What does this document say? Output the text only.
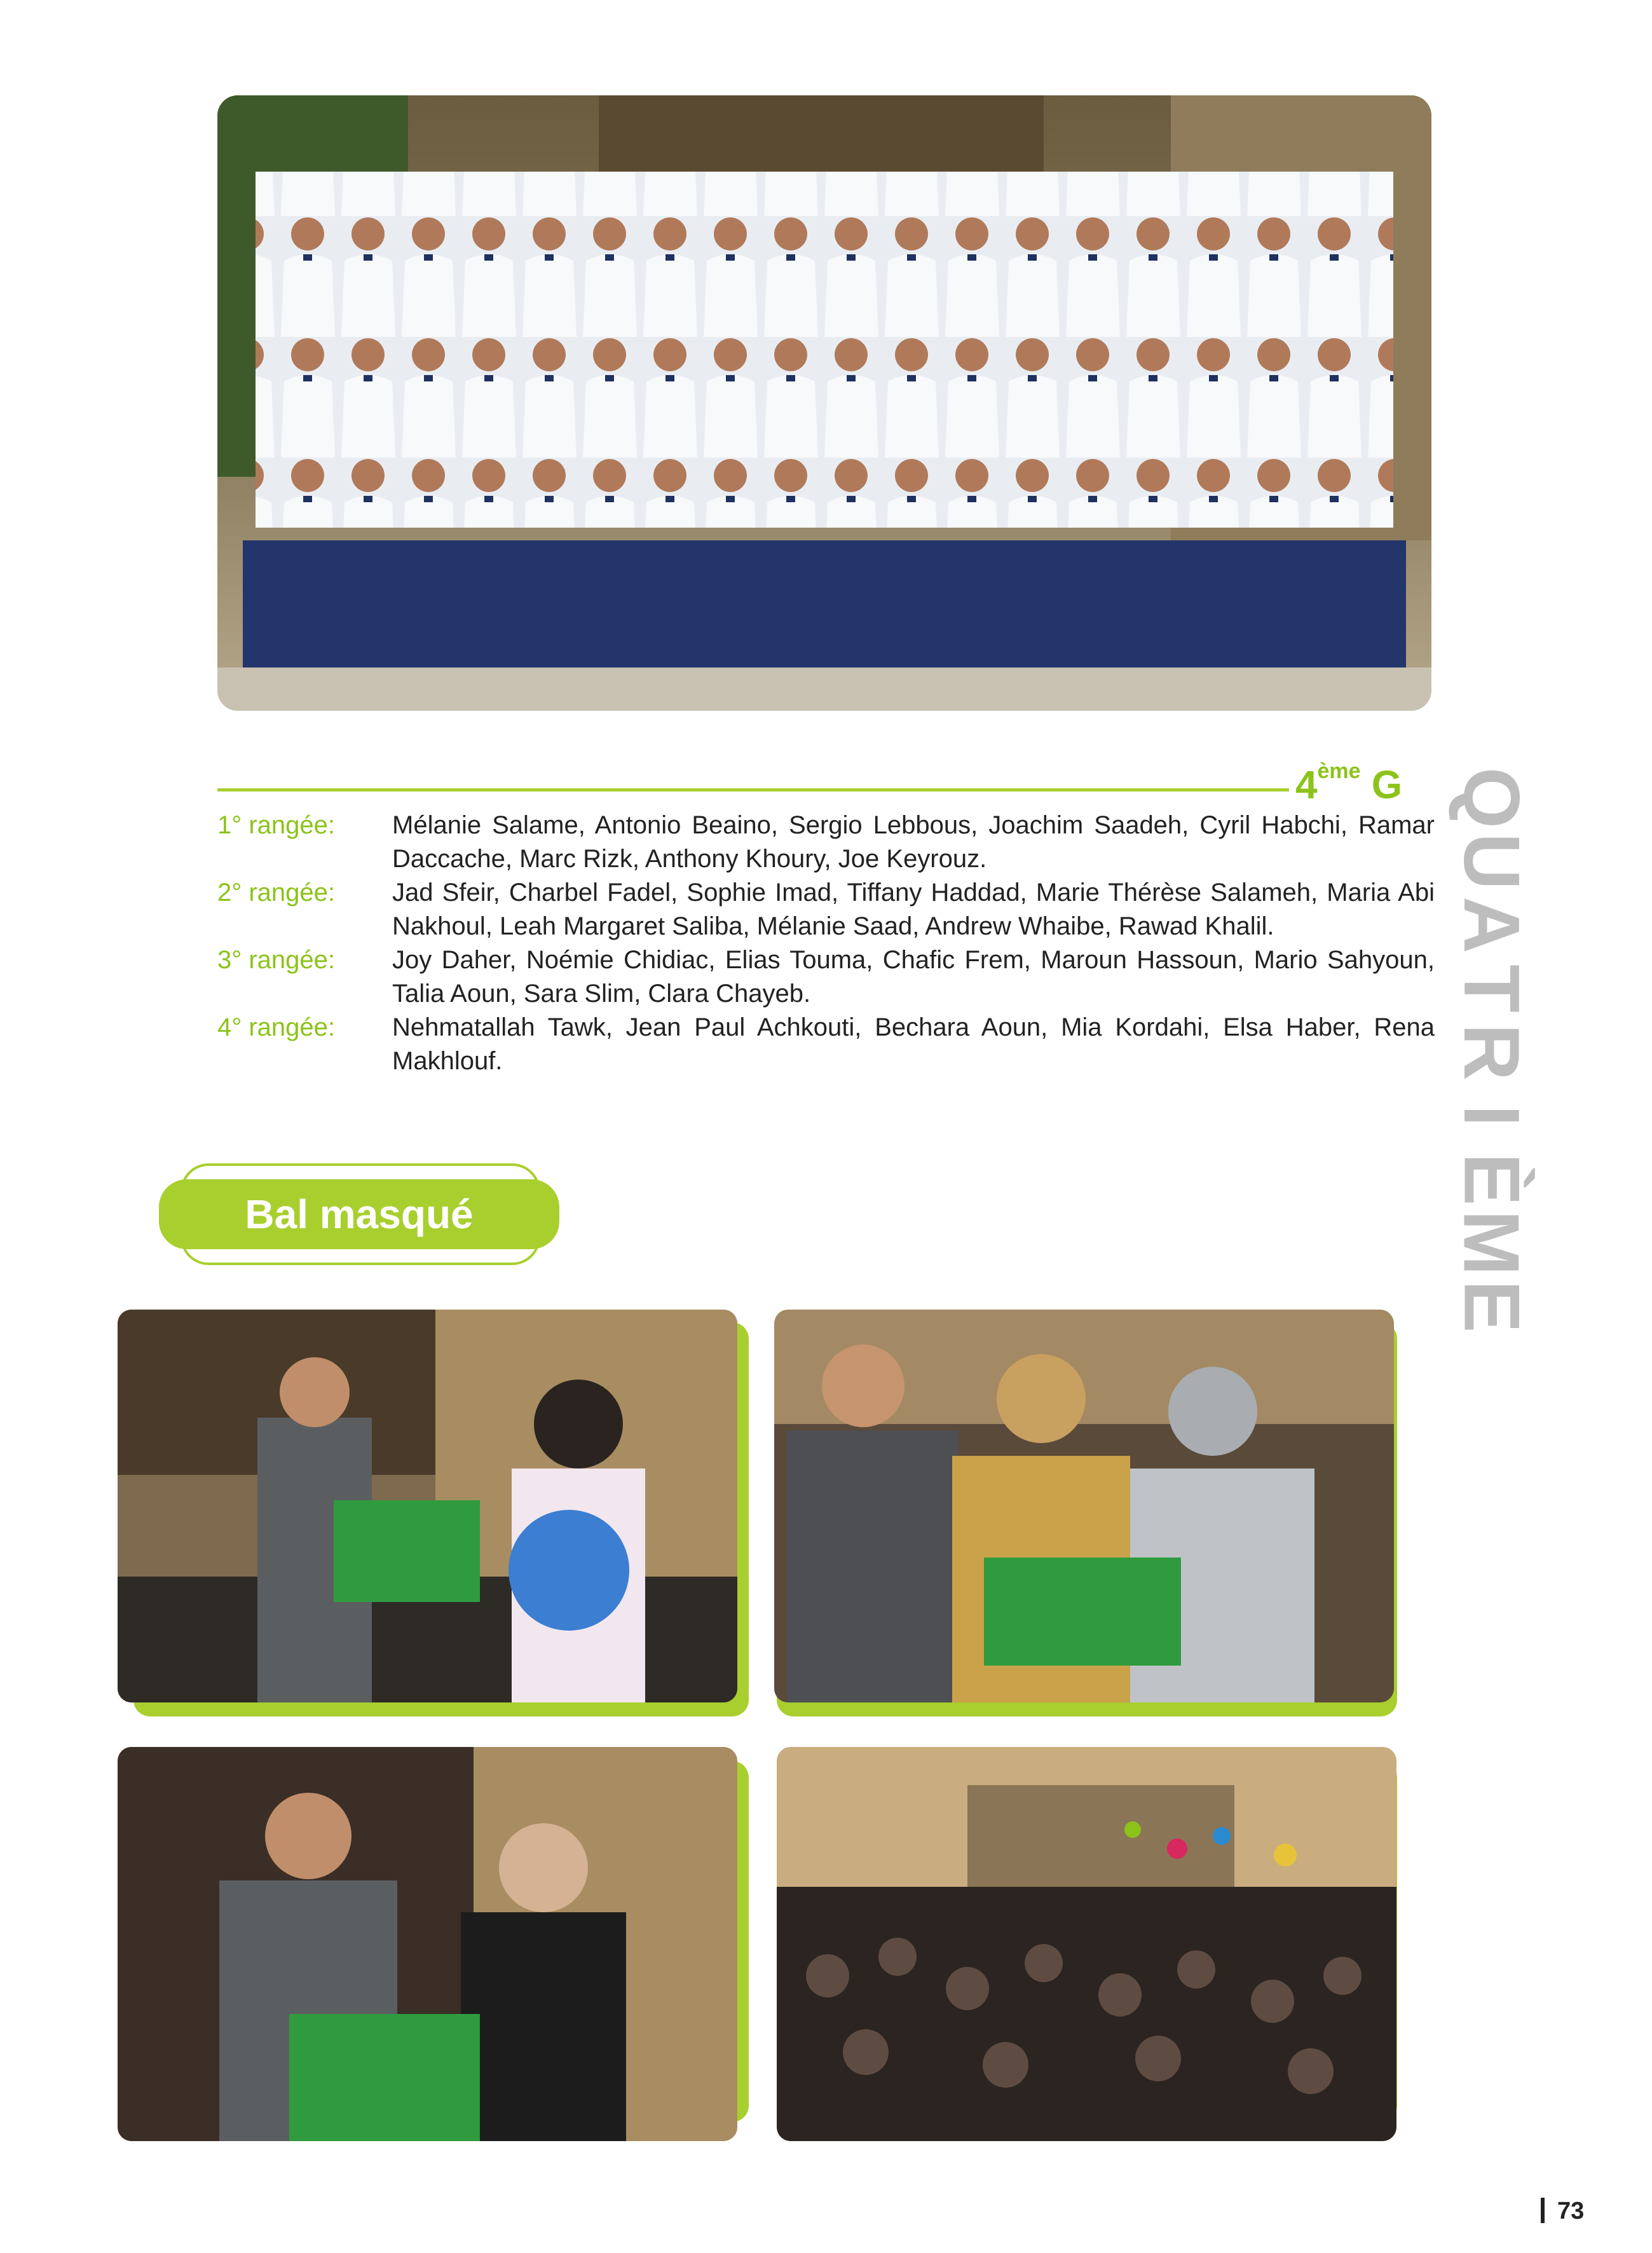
4ème G Q
U
A
T
R
I
È
M
E
1° rangée:	Mélanie Salame, Antonio Beaino, Sergio Lebbous, Joachim Saadeh, Cyril Habchi, Ramar Daccache, Marc Rizk, Anthony Khoury, Joe Keyrouz.
2° rangée:	Jad Sfeir, Charbel Fadel, Sophie Imad, Tiffany Haddad, Marie Thérèse Salameh, Maria Abi Nakhoul, Leah Margaret Saliba, Mélanie Saad, Andrew Whaibe, Rawad Khalil.
3° rangée:	Joy Daher, Noémie Chidiac, Elias Touma, Chafic Frem, Maroun Hassoun, Mario Sahyoun, Talia Aoun, Sara Slim, Clara Chayeb.
4° rangée:	Nehmatallah Tawk, Jean Paul Achkouti, Bechara Aoun, Mia Kordahi, Elsa Haber, Rena Makhlouf.
Bal masqué
73
